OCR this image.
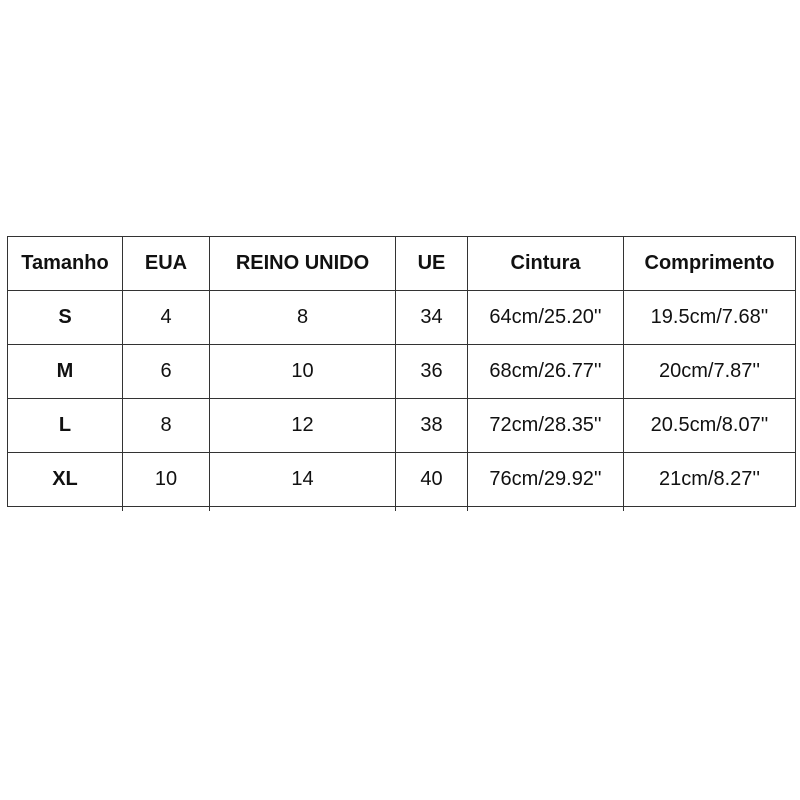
Tamanho	EUA	REINO UNIDO	UE	Cintura	Comprimento
S	4	8	34	64cm/25.20''	19.5cm/7.68''
M	6	10	36	68cm/26.77''	20cm/7.87''
L	8	12	38	72cm/28.35''	20.5cm/8.07''
XL	10	14	40	76cm/29.92''	21cm/8.27''
